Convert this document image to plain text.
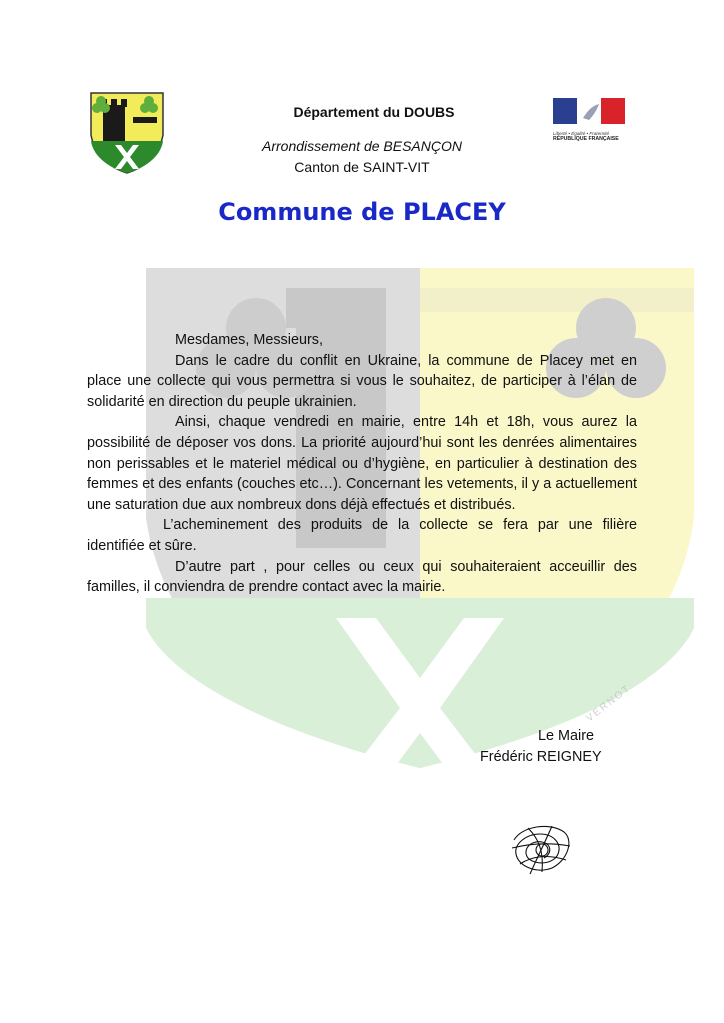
VERNOT
Liberté • Égalité • Fraternité
RÉPUBLIQUE FRANÇAISE
Département du DOUBS
Arrondissement de BESANÇON
Canton de SAINT-VIT
Commune de PLACEY

Mesdames, Messieurs,

Dans le cadre du conflit en Ukraine, la commune de Placey met en place une collecte qui vous permettra si vous le souhaitez, de participer à l’élan de solidarité en direction du peuple ukrainien.

Ainsi, chaque vendredi en mairie, entre 14h et 18h, vous aurez la possibilité de déposer vos dons. La priorité aujourd’hui sont les denrées alimentaires non perissables et le materiel médical ou d’hygiène, en particulier à destination des femmes et des enfants (couches etc…). Concernant les vetements, il y a actuellement une saturation due aux nombreux dons déjà effectués et distribués.

L’acheminement des produits de la collecte se fera par une filière identifiée et sûre.

D’autre part , pour celles ou ceux qui souhaiteraient acceuillir des familles, il conviendra de prendre contact avec la mairie.

Le Maire
Frédéric REIGNEY
